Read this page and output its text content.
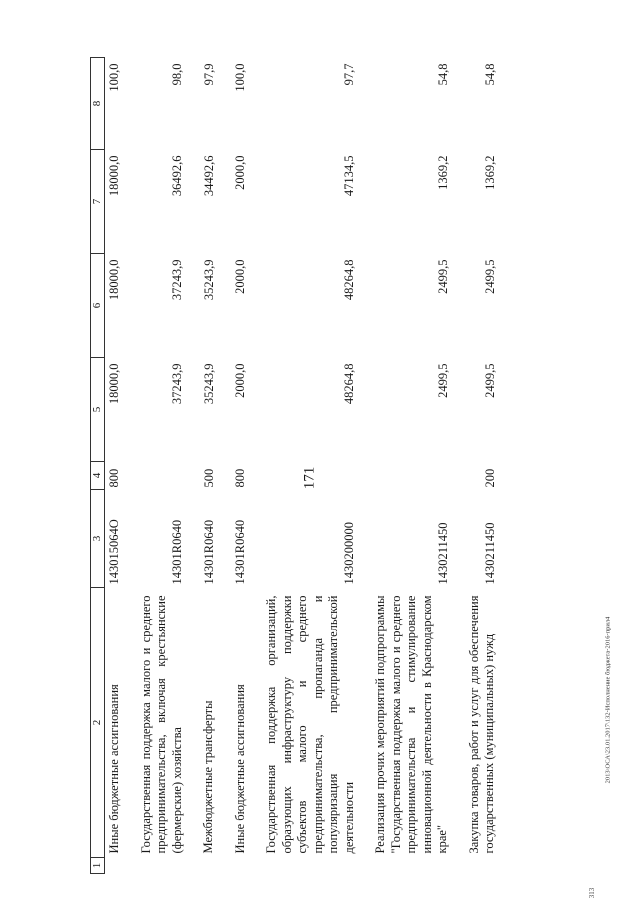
171
2013\ОСА\23.01.2017\132-Исполнение бюджета-2016-прил4
313
1	2	3	4	5	6	7	8
	Иные бюджетные ассигнования	143015064О	800	18000,0	18000,0	18000,0	100,0
	Государственная поддержка малого и среднего предпринимательства, включая крестьянские (фермерские) хозяйства	14301R0640		37243,9	37243,9	36492,6	98,0
	Межбюджетные трансферты	14301R0640	500	35243,9	35243,9	34492,6	97,9
	Иные бюджетные ассигнования	14301R0640	800	2000,0	2000,0	2000,0	100,0
	Государственная поддержка организаций, образующих инфраструктуру поддержки субъектов малого и среднего предпринимательства, пропаганда и популяризация предпринимательской деятельности	1430200000		48264,8	48264,8	47134,5	97,7
	Реализация прочих мероприятий подпрограммы "Государственная поддержка малого и среднего предпринимательства и стимулирование инновационной деятельности в Краснодарском крае"	1430211450		2499,5	2499,5	1369,2	54,8
	Закупка товаров, работ и услуг для обеспечения государственных (муниципальных) нужд	1430211450	200	2499,5	2499,5	1369,2	54,8
